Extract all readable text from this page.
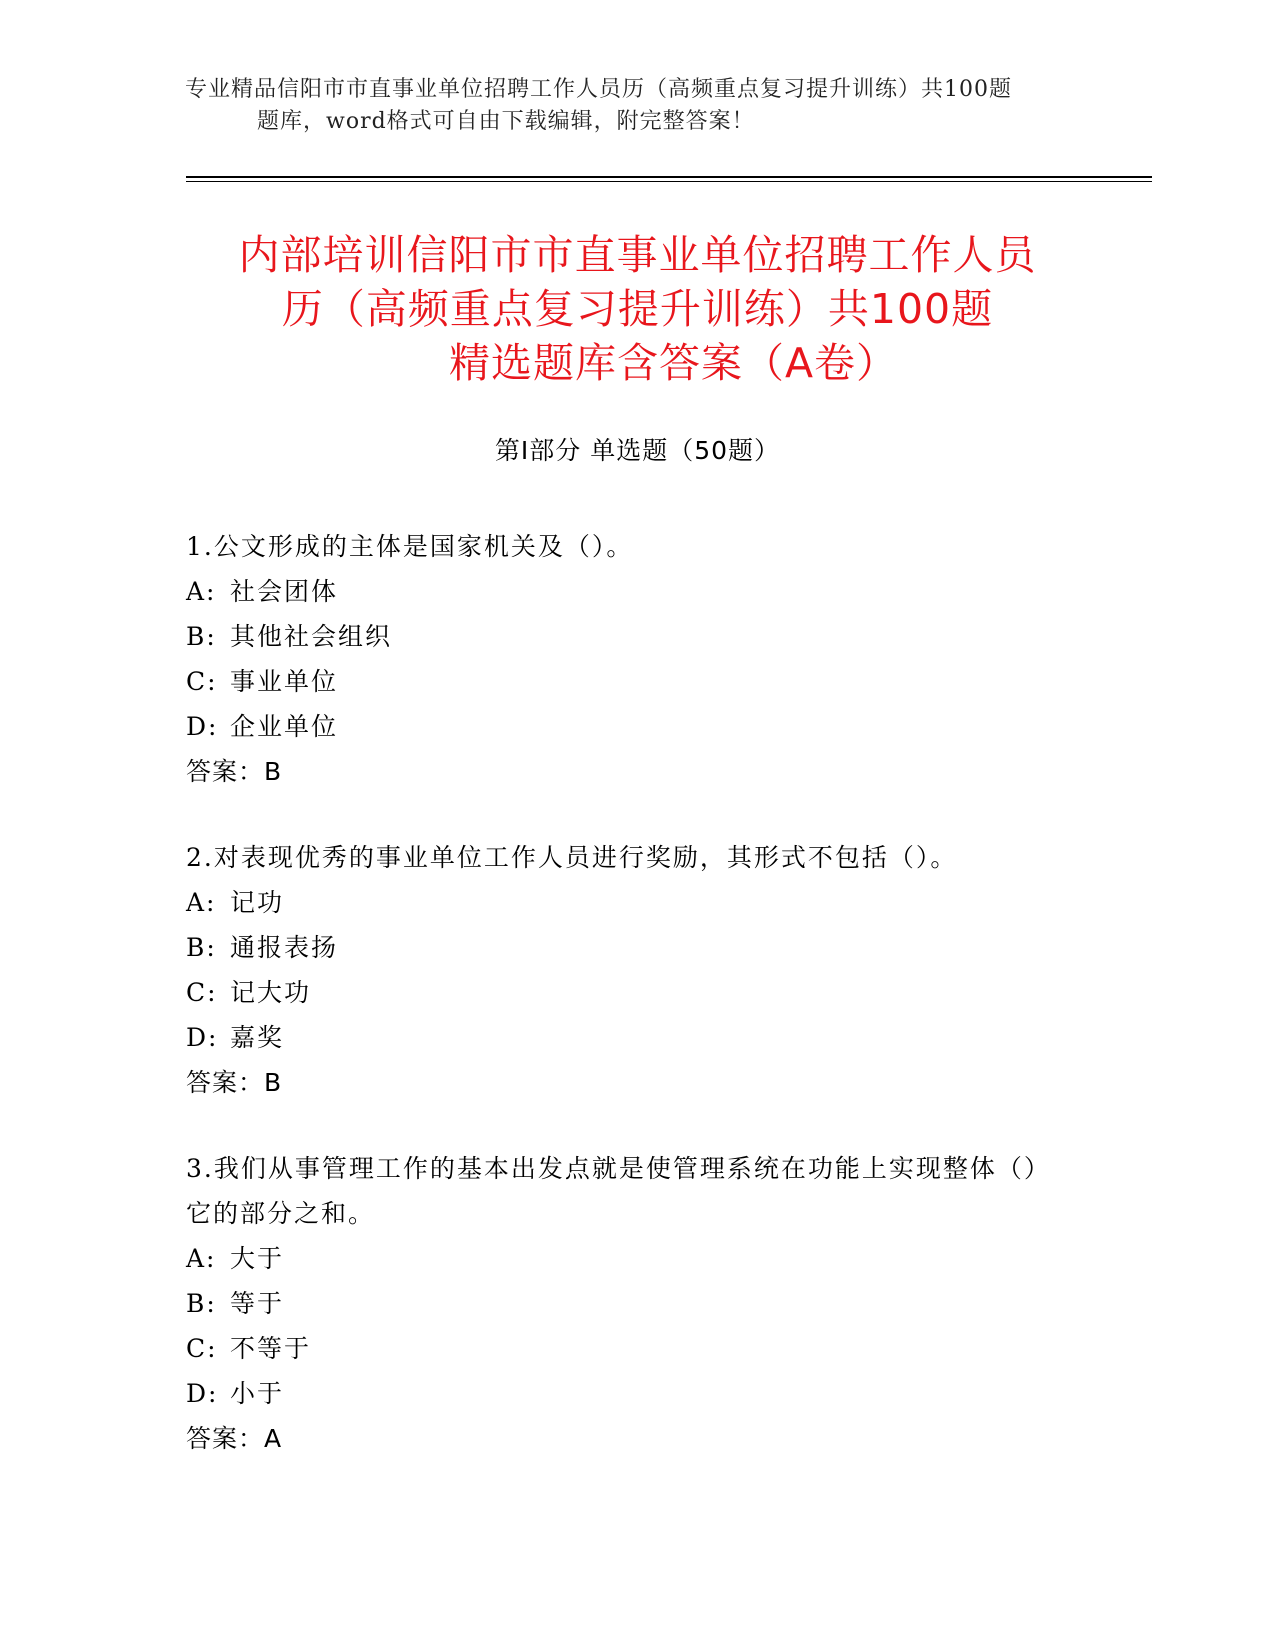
专业精品信阳市市直事业单位招聘工作人员历（高频重点复习提升训练）共100题
题库，word格式可自由下载编辑，附完整答案！
内部培训信阳市市直事业单位招聘工作人员
历（高频重点复习提升训练）共100题
精选题库含答案（A卷）
第Ⅰ部分 单选题（50题）

1.公文形成的主体是国家机关及（）。

A: 社会团体

B: 其他社会组织

C: 事业单位

D: 企业单位

答案：B

2.对表现优秀的事业单位工作人员进行奖励，其形式不包括（）。

A: 记功

B: 通报表扬

C: 记大功

D: 嘉奖

答案：B

3.我们从事管理工作的基本出发点就是使管理系统在功能上实现整体（）它的部分之和。

A: 大于

B: 等于

C: 不等于

D: 小于

答案：A
